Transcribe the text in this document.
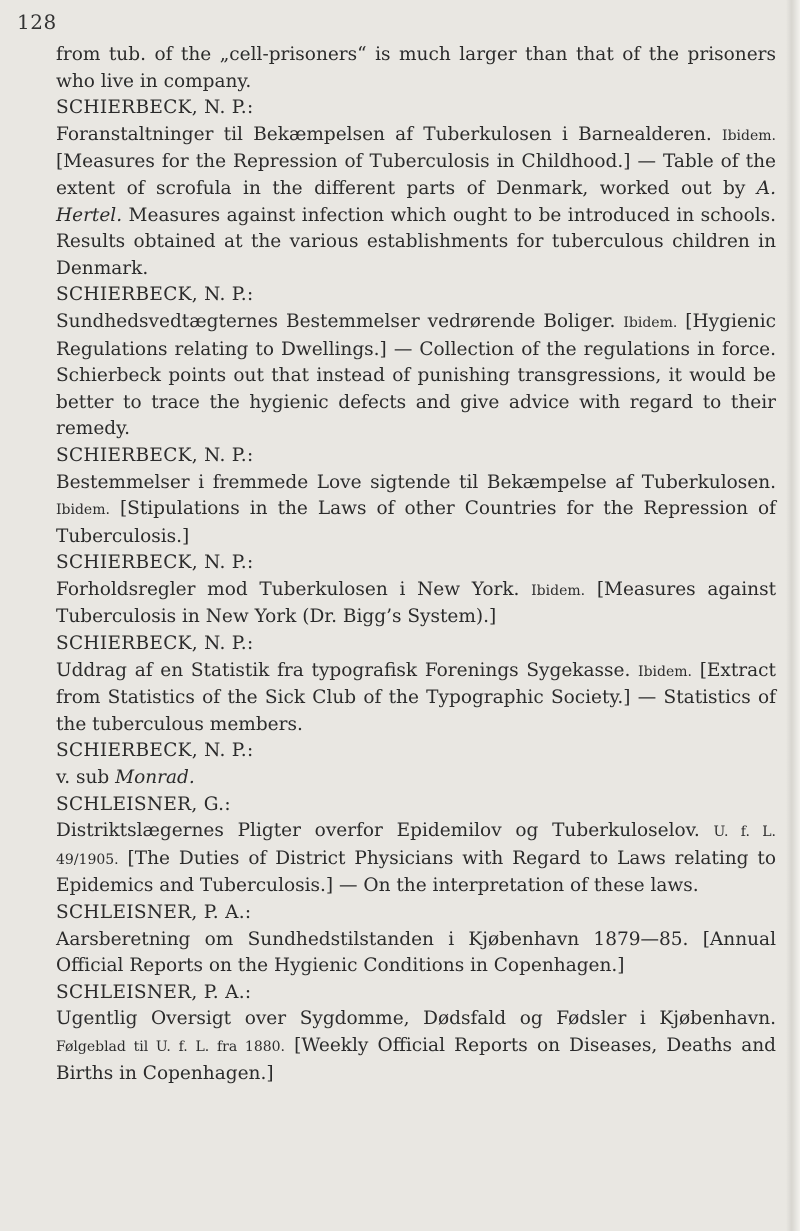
128
from tub. of the „cell-prisoners“ is much larger than that of the prisoners who live in company.
SCHIERBECK, N. P.:
Foranstaltninger til Bekæmpelsen af Tuberkulosen i Barnealderen. Ibidem. [Measures for the Repression of Tuberculosis in Childhood.] — Table of the extent of scrofula in the different parts of Denmark, worked out by A. Hertel. Measures against infection which ought to be introduced in schools. Results obtained at the various establishments for tuberculous children in Denmark.
SCHIERBECK, N. P.:
Sundhedsvedtægternes Bestemmelser vedrørende Boliger. Ibidem. [Hygienic Regulations relating to Dwellings.] — Collection of the regulations in force. Schierbeck points out that instead of punishing transgressions, it would be better to trace the hygienic defects and give advice with regard to their remedy.
SCHIERBECK, N. P.:
Bestemmelser i fremmede Love sigtende til Bekæmpelse af Tuberkulosen. Ibidem. [Stipulations in the Laws of other Countries for the Repression of Tuberculosis.]
SCHIERBECK, N. P.:
Forholdsregler mod Tuberkulosen i New York. Ibidem. [Measures against Tuberculosis in New York (Dr. Bigg’s System).]
SCHIERBECK, N. P.:
Uddrag af en Statistik fra typografisk Forenings Sygekasse. Ibidem. [Extract from Statistics of the Sick Club of the Typographic Society.] — Statistics of the tuberculous members.
SCHIERBECK, N. P.:
v. sub Monrad.
SCHLEISNER, G.:
Distriktslægernes Pligter overfor Epidemilov og Tuberkuloselov. U. f. L. 49/1905. [The Duties of District Physicians with Regard to Laws relating to Epidemics and Tuberculosis.] — On the interpretation of these laws.
SCHLEISNER, P. A.:
Aarsberetning om Sundhedstilstanden i Kjøbenhavn 1879—85. [Annual Official Reports on the Hygienic Conditions in Copenhagen.]
SCHLEISNER, P. A.:
Ugentlig Oversigt over Sygdomme, Dødsfald og Fødsler i Kjøbenhavn. Følgeblad til U. f. L. fra 1880. [Weekly Official Reports on Diseases, Deaths and Births in Copenhagen.]
